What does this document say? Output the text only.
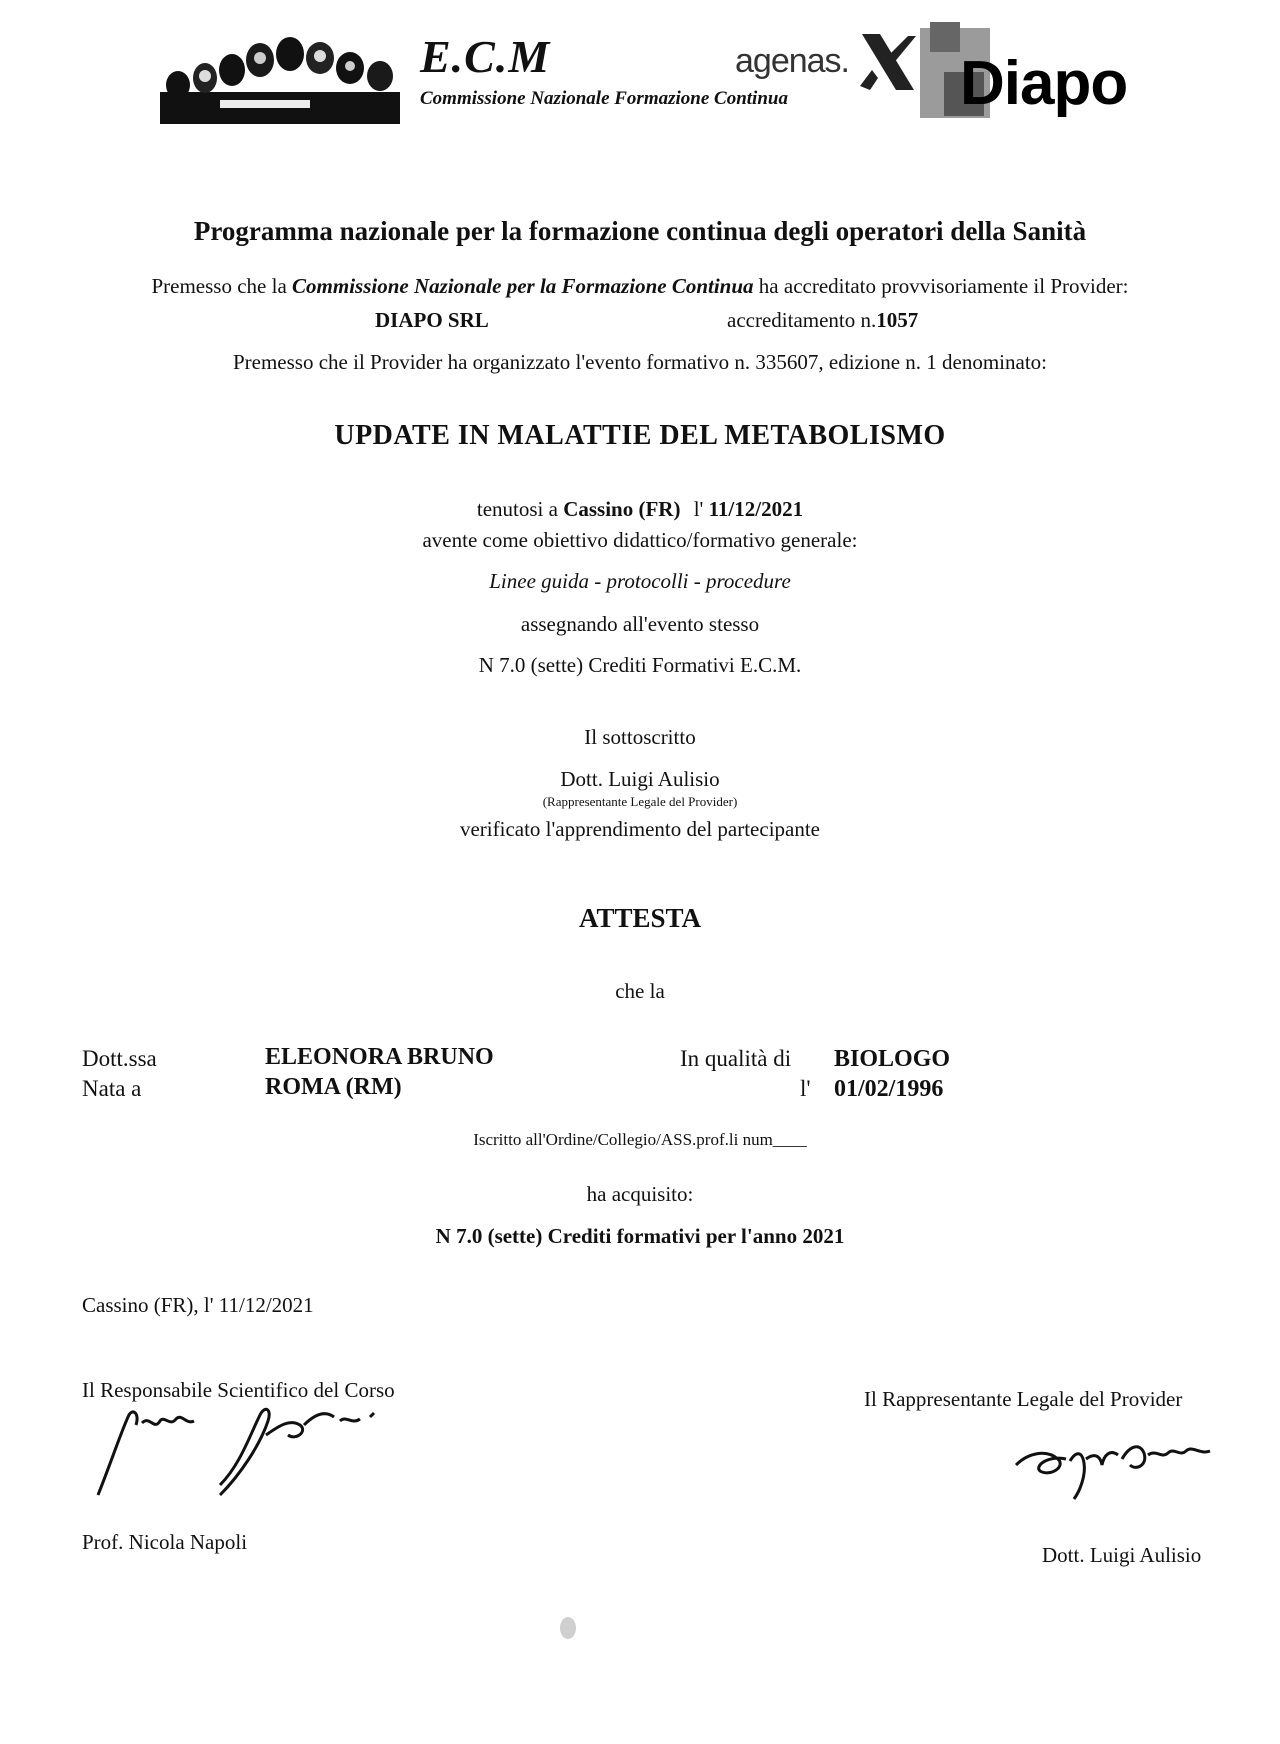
E.C.M
Commissione Nazionale Formazione Continua
agenas. Diapo
Programma nazionale per la formazione continua degli operatori della Sanità
Premesso che la Commissione Nazionale per la Formazione Continua ha accreditato provvisoriamente il Provider:
DIAPO SRL	accreditamento n.1057
Premesso che il Provider ha organizzato l'evento formativo n. 335607, edizione n. 1 denominato:
UPDATE IN MALATTIE DEL METABOLISMO
tenutosi a Cassino (FR) l' 11/12/2021
avente come obiettivo didattico/formativo generale:
Linee guida - protocolli - procedure
assegnando all'evento stesso
N 7.0 (sette) Crediti Formativi E.C.M.
Il sottoscritto
Dott. Luigi Aulisio
(Rappresentante Legale del Provider)
verificato l'apprendimento del partecipante
ATTESTA
che la
Dott.ssa	ELEONORA BRUNO	In qualità di BIOLOGO
Nata a	ROMA (RM)	l' 01/02/1996
Iscritto all'Ordine/Collegio/ASS.prof.li num____
ha acquisito:
N 7.0 (sette) Crediti formativi per l'anno 2021
Cassino (FR), l' 11/12/2021
Il Responsabile Scientifico del Corso
Prof. Nicola Napoli
Il Rappresentante Legale del Provider
Dott. Luigi Aulisio
